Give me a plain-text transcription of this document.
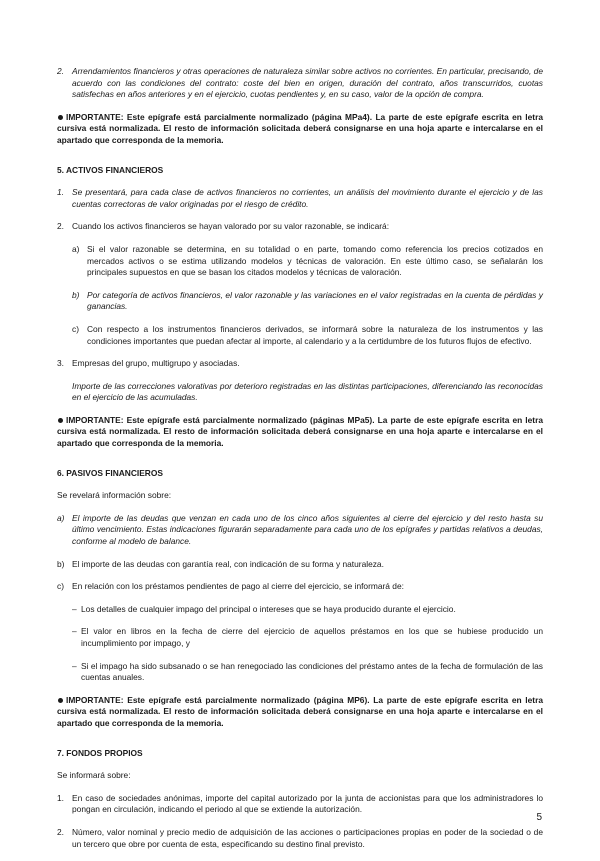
2. Arrendamientos financieros y otras operaciones de naturaleza similar sobre activos no corrientes. En particular, precisando, de acuerdo con las condiciones del contrato: coste del bien en origen, duración del contrato, años transcurridos, cuotas satisfechas en años anteriores y en el ejercicio, cuotas pendientes y, en su caso, valor de la opción de compra.

IMPORTANTE: Este epígrafe está parcialmente normalizado (página MPa4). La parte de este epígrafe escrita en letra cursiva está normalizada. El resto de información solicitada deberá consignarse en una hoja aparte e intercalarse en el apartado que corresponda de la memoria.

5. ACTIVOS FINANCIEROS
1. Se presentará, para cada clase de activos financieros no corrientes, un análisis del movimiento durante el ejercicio y de las cuentas correctoras de valor originadas por el riesgo de crédito.
2. Cuando los activos financieros se hayan valorado por su valor razonable, se indicará:
a) Si el valor razonable se determina, en su totalidad o en parte, tomando como referencia los precios cotizados en mercados activos o se estima utilizando modelos y técnicas de valoración. En este último caso, se señalarán los principales supuestos en que se basan los citados modelos y técnicas de valoración.
b) Por categoría de activos financieros, el valor razonable y las variaciones en el valor registradas en la cuenta de pérdidas y ganancias.
c) Con respecto a los instrumentos financieros derivados, se informará sobre la naturaleza de los instrumentos y las condiciones importantes que puedan afectar al importe, al calendario y a la certidumbre de los futuros flujos de efectivo.
3. Empresas del grupo, multigrupo y asociadas.

Importe de las correcciones valorativas por deterioro registradas en las distintas participaciones, diferenciando las reconocidas en el ejercicio de las acumuladas.

IMPORTANTE: Este epígrafe está parcialmente normalizado (páginas MPa5). La parte de este epígrafe escrita en letra cursiva está normalizada. El resto de información solicitada deberá consignarse en una hoja aparte e intercalarse en el apartado que corresponda de la memoria.

6. PASIVOS FINANCIEROS

Se revelará información sobre:

a) El importe de las deudas que venzan en cada uno de los cinco años siguientes al cierre del ejercicio y del resto hasta su último vencimiento. Estas indicaciones figurarán separadamente para cada uno de los epígrafes y partidas relativos a deudas, conforme al modelo de balance.
b) El importe de las deudas con garantía real, con indicación de su forma y naturaleza.
c) En relación con los préstamos pendientes de pago al cierre del ejercicio, se informará de:
– Los detalles de cualquier impago del principal o intereses que se haya producido durante el ejercicio.
– El valor en libros en la fecha de cierre del ejercicio de aquellos préstamos en los que se hubiese producido un incumplimiento por impago, y
– Si el impago ha sido subsanado o se han renegociado las condiciones del préstamo antes de la fecha de formulación de las cuentas anuales.

IMPORTANTE: Este epígrafe está parcialmente normalizado (página MP6). La parte de este epígrafe escrita en letra cursiva está normalizada. El resto de información solicitada deberá consignarse en una hoja aparte e intercalarse en el apartado que corresponda de la memoria.

7. FONDOS PROPIOS

Se informará sobre:

1. En caso de sociedades anónimas, importe del capital autorizado por la junta de accionistas para que los administradores lo pongan en circulación, indicando el periodo al que se extiende la autorización.
2. Número, valor nominal y precio medio de adquisición de las acciones o participaciones propias en poder de la sociedad o de un tercero que obre por cuenta de esta, especificando su destino final previsto.
5
